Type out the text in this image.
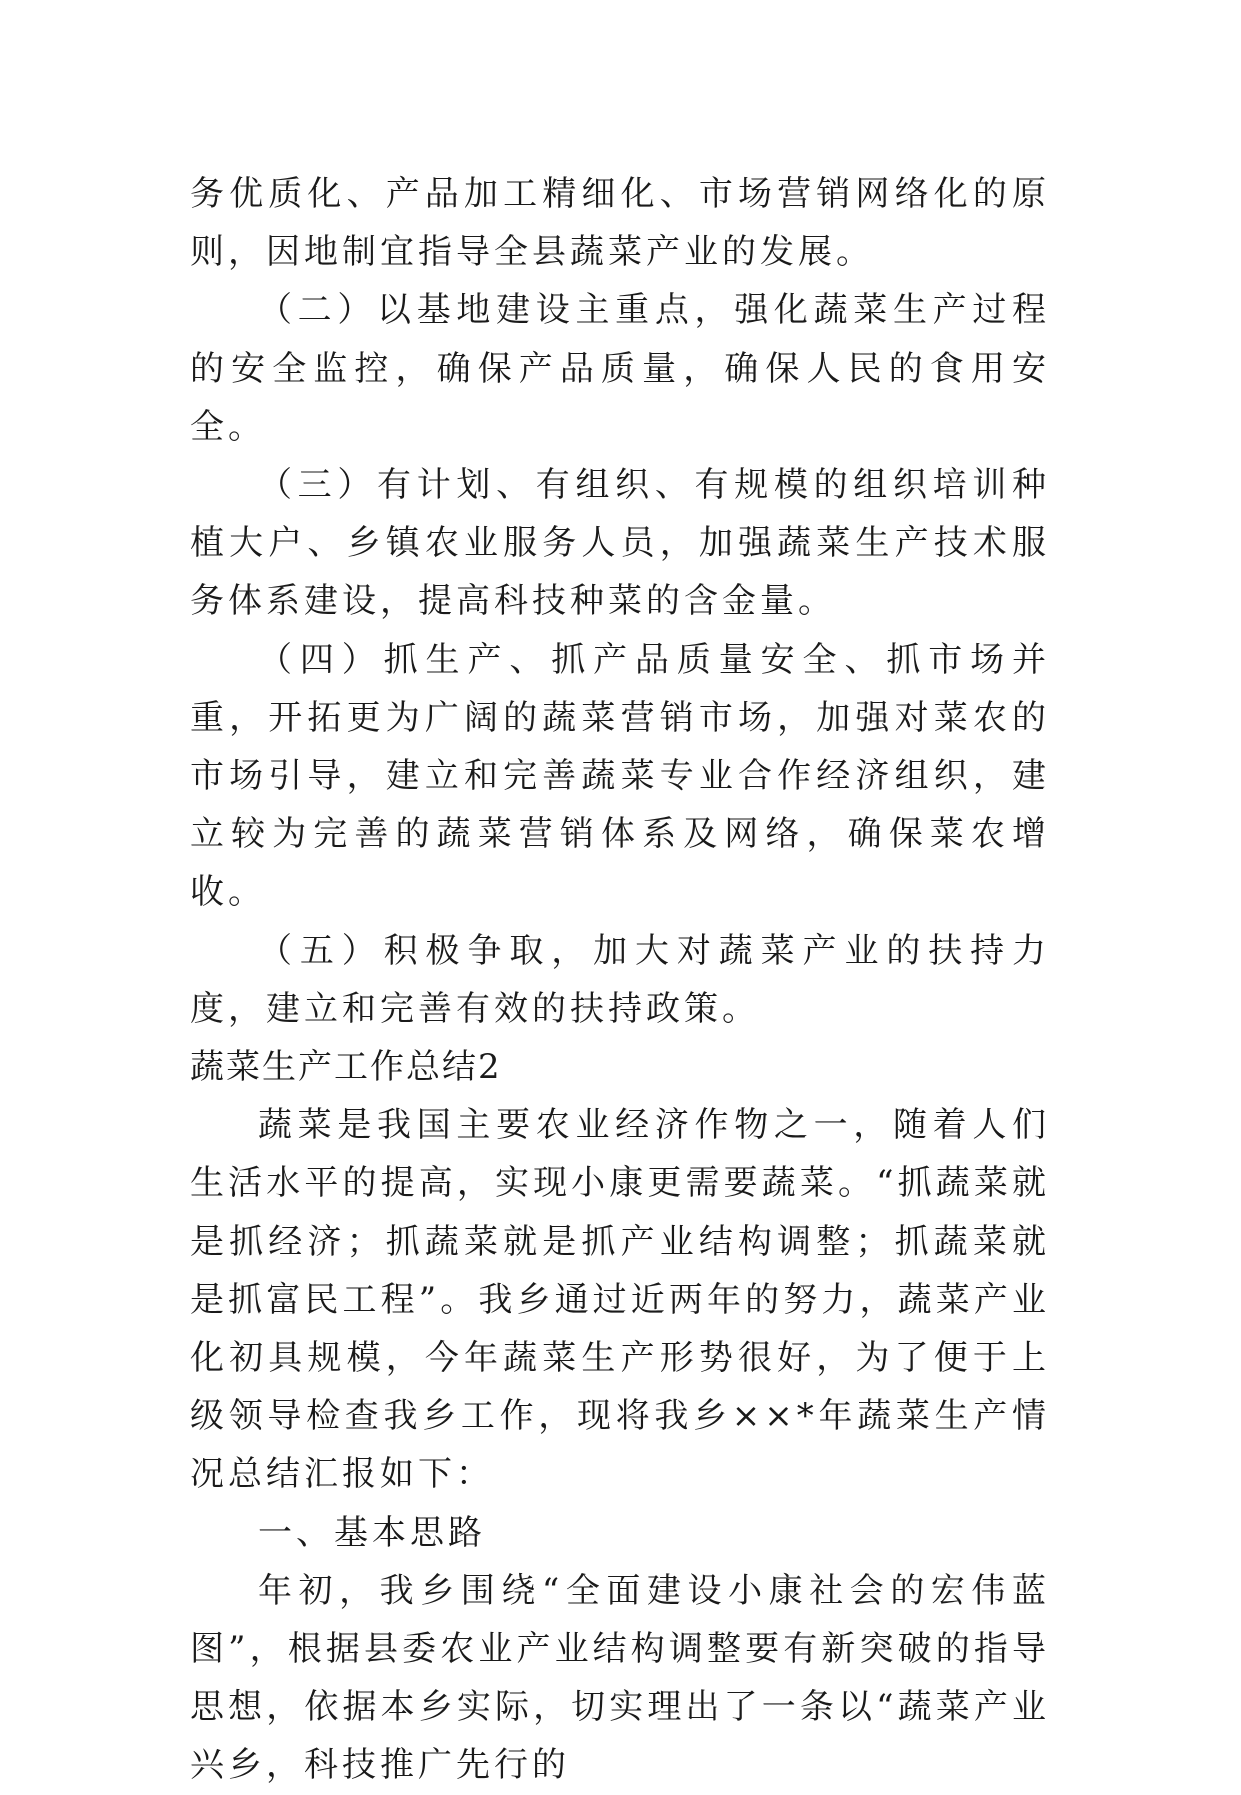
务优质化、产品加工精细化、市场营销网络化的原则，因地制宜指导全县蔬菜产业的发展。

（二）以基地建设主重点，强化蔬菜生产过程的安全监控，确保产品质量，确保人民的食用安全。

（三）有计划、有组织、有规模的组织培训种植大户、乡镇农业服务人员，加强蔬菜生产技术服务体系建设，提高科技种菜的含金量。

（四）抓生产、抓产品质量安全、抓市场并重，开拓更为广阔的蔬菜营销市场，加强对菜农的市场引导，建立和完善蔬菜专业合作经济组织，建立较为完善的蔬菜营销体系及网络，确保菜农增收。

（五）积极争取，加大对蔬菜产业的扶持力度，建立和完善有效的扶持政策。

蔬菜生产工作总结2

蔬菜是我国主要农业经济作物之一，随着人们生活水平的提高，实现小康更需要蔬菜。“抓蔬菜就是抓经济；抓蔬菜就是抓产业结构调整；抓蔬菜就是抓富民工程”。我乡通过近两年的努力，蔬菜产业化初具规模，今年蔬菜生产形势很好，为了便于上级领导检查我乡工作，现将我乡××*年蔬菜生产情况总结汇报如下：

一、基本思路

年初，我乡围绕“全面建设小康社会的宏伟蓝图”，根据县委农业产业结构调整要有新突破的指导思想，依据本乡实际，切实理出了一条以“蔬菜产业兴乡，科技推广先行的
